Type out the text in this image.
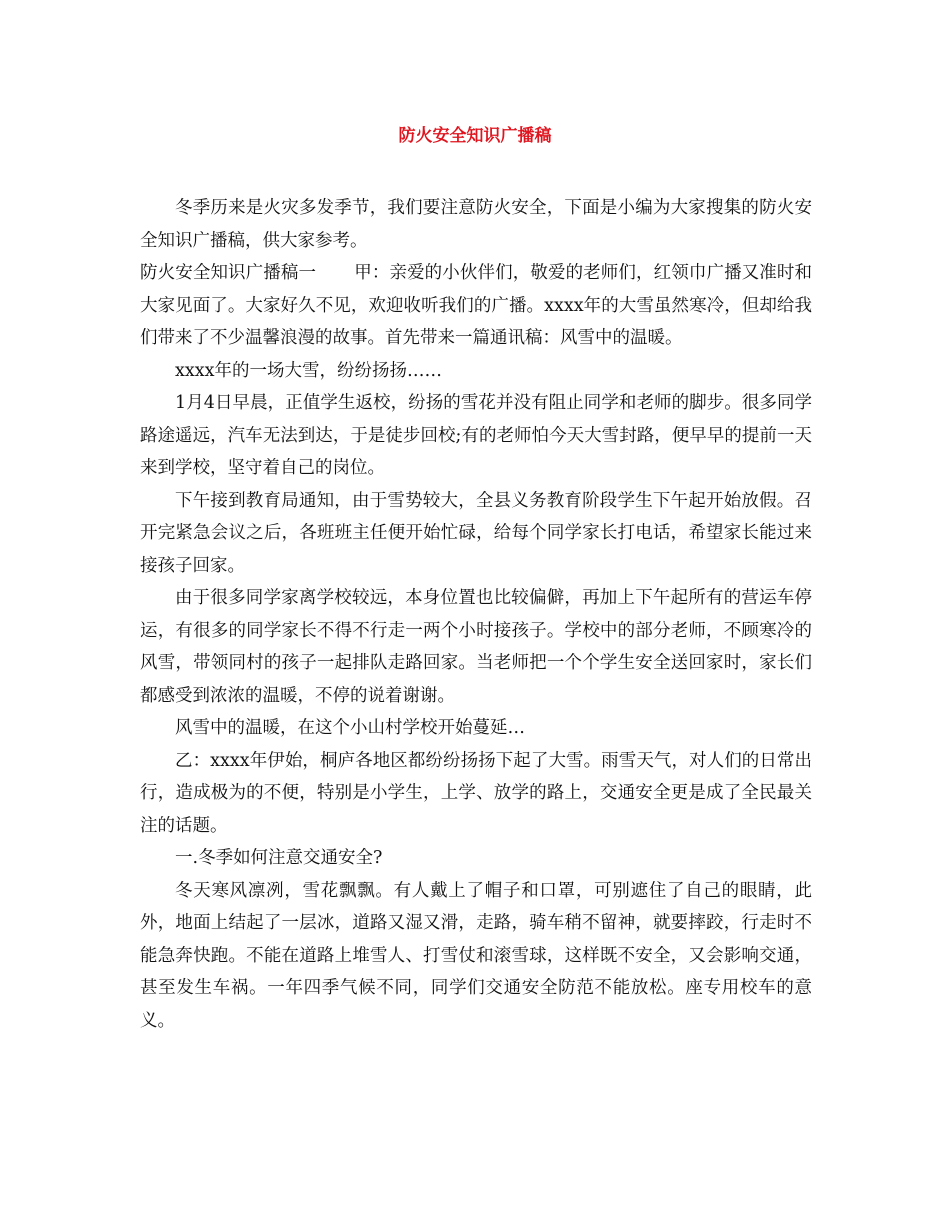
防火安全知识广播稿

冬季历来是火灾多发季节，我们要注意防火安全，下面是小编为大家搜集的防火安全知识广播稿，供大家参考。

防火安全知识广播稿一 甲：亲爱的小伙伴们，敬爱的老师们，红领巾广播又准时和大家见面了。大家好久不见，欢迎收听我们的广播。xxxx年的大雪虽然寒冷，但却给我们带来了不少温馨浪漫的故事。首先带来一篇通讯稿：风雪中的温暖。

xxxx年的一场大雪，纷纷扬扬……

1月4日早晨，正值学生返校，纷扬的雪花并没有阻止同学和老师的脚步。很多同学路途遥远，汽车无法到达，于是徒步回校;有的老师怕今天大雪封路，便早早的提前一天来到学校，坚守着自己的岗位。

下午接到教育局通知，由于雪势较大，全县义务教育阶段学生下午起开始放假。召开完紧急会议之后，各班班主任便开始忙碌，给每个同学家长打电话，希望家长能过来接孩子回家。

由于很多同学家离学校较远，本身位置也比较偏僻，再加上下午起所有的营运车停运，有很多的同学家长不得不行走一两个小时接孩子。学校中的部分老师，不顾寒冷的风雪，带领同村的孩子一起排队走路回家。当老师把一个个学生安全送回家时，家长们都感受到浓浓的温暖，不停的说着谢谢。

风雪中的温暖，在这个小山村学校开始蔓延…

乙：xxxx年伊始，桐庐各地区都纷纷扬扬下起了大雪。雨雪天气，对人们的日常出行，造成极为的不便，特别是小学生，上学、放学的路上，交通安全更是成了全民最关注的话题。

一.冬季如何注意交通安全?

冬天寒风凛冽，雪花飘飘。有人戴上了帽子和口罩，可别遮住了自己的眼睛，此外，地面上结起了一层冰，道路又湿又滑，走路，骑车稍不留神，就要摔跤，行走时不能急奔快跑。不能在道路上堆雪人、打雪仗和滚雪球，这样既不安全，又会影响交通，甚至发生车祸。一年四季气候不同，同学们交通安全防范不能放松。座专用校车的意义。
